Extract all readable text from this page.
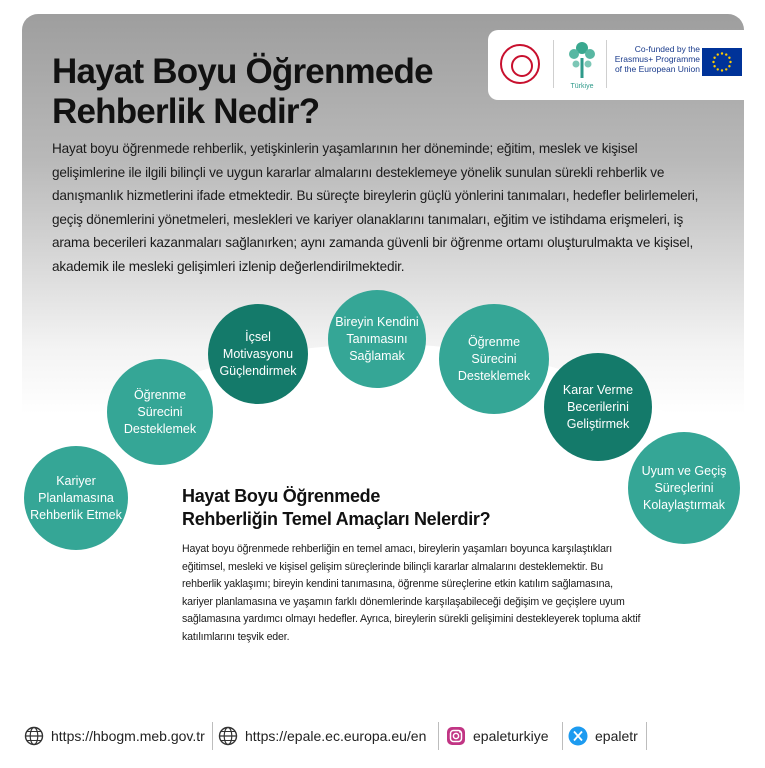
Türkiye
Co-funded by the
Erasmus+ Programme
of the European Union
Hayat Boyu Öğrenmede
Rehberlik Nedir?
Hayat boyu öğrenmede rehberlik, yetişkinlerin yaşamlarının her döneminde; eğitim, meslek ve kişisel gelişimlerine ile ilgili bilinçli ve uygun kararlar almalarını desteklemeye yönelik sunulan sürekli rehberlik ve danışmanlık hizmetlerini ifade etmektedir. Bu süreçte bireylerin güçlü yönlerini tanımaları, hedefler belirlemeleri, geçiş dönemlerini yönetmeleri, meslekleri ve kariyer olanaklarını tanımaları, eğitim ve istihdama erişmeleri, iş arama becerileri kazanmaları sağlanırken; aynı zamanda güvenli bir öğrenme ortamı oluşturulmakta ve kişisel, akademik ile mesleki gelişimleri izlenip değerlendirilmektedir.
Kariyer Planlamasına Rehberlik Etmek
Öğrenme Sürecini Desteklemek
İçsel Motivasyonu Güçlendirmek
Bireyin Kendini Tanımasını Sağlamak
Öğrenme Sürecini Desteklemek
Karar Verme Becerilerini Geliştirmek
Uyum ve Geçiş Süreçlerini Kolaylaştırmak
Hayat Boyu Öğrenmede
Rehberliğin Temel Amaçları Nelerdir?
Hayat boyu öğrenmede rehberliğin en temel amacı, bireylerin yaşamları boyunca karşılaştıkları eğitimsel, mesleki ve kişisel gelişim süreçlerinde bilinçli kararlar almalarını desteklemektir. Bu rehberlik yaklaşımı; bireyin kendini tanımasına, öğrenme süreçlerine etkin katılım sağlamasına, kariyer planlamasına ve yaşamın farklı dönemlerinde karşılaşabileceği değişim ve geçişlere uyum sağlamasına yardımcı olmayı hedefler. Ayrıca, bireylerin sürekli gelişimini destekleyerek topluma aktif katılımlarını teşvik eder.
https://hbogm.meb.gov.tr	https://epale.ec.europa.eu/en	epaleturkiye	epaletr
